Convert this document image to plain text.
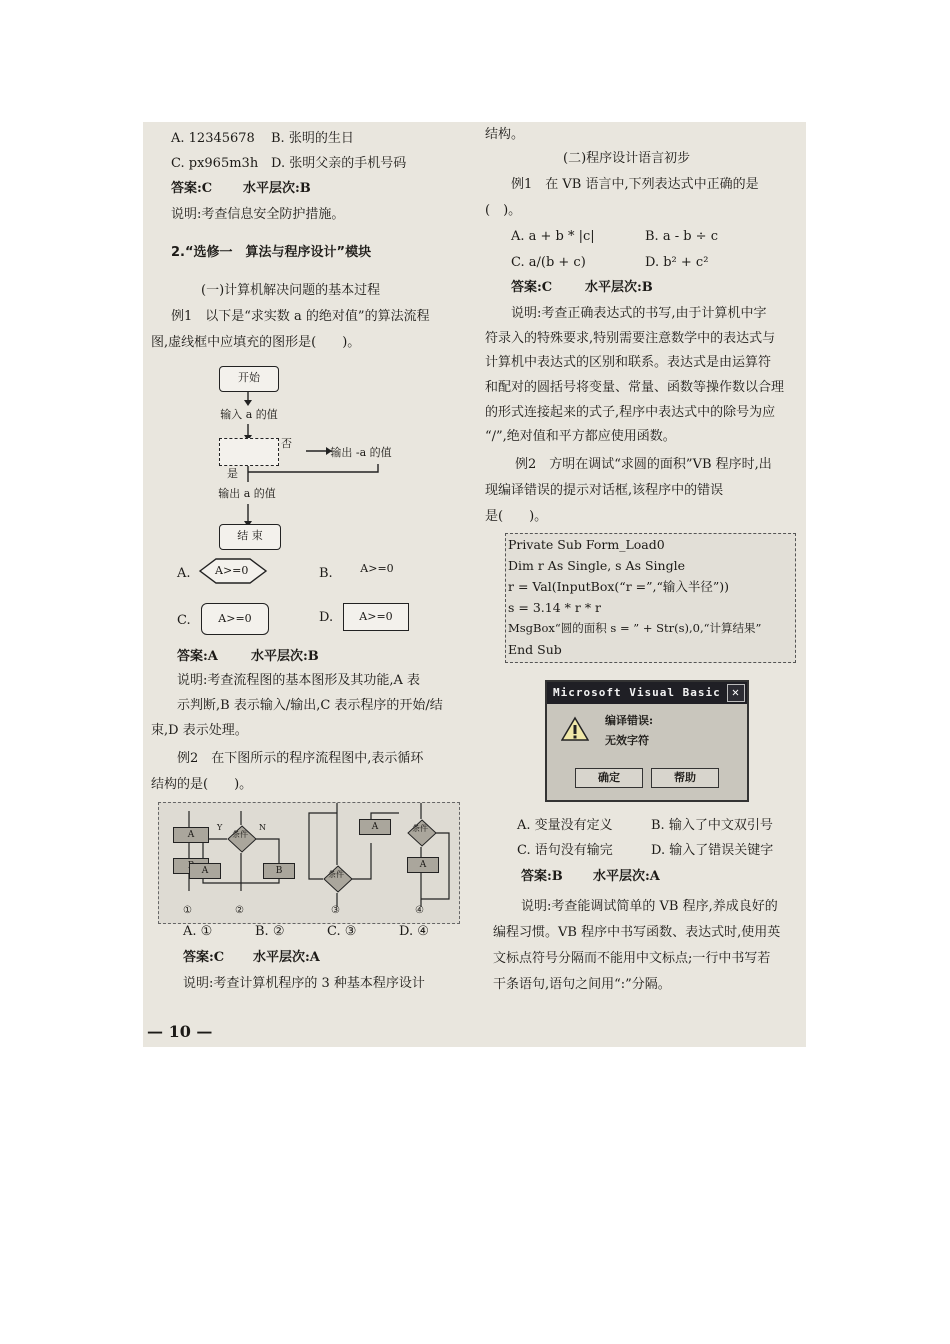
A. 12345678 B. 张明的生日
C. px965m3h D. 张明父亲的手机号码
答案:C 水平层次:B
说明:考查信息安全防护措施。
2.“选修一　算法与程序设计”模块
(一)计算机解决问题的基本过程
例1　以下是“求实数 a 的绝对值”的算法流程
图,虚线框中应填充的图形是(　　)。
开始
输入 a 的值
否
输出 -a 的值
是
输出 a 的值
结 束
A. A>=0	B.	A>=0
C.	A>=0	D.	A>=0
答案:A	水平层次:B
说明:考查流程图的基本图形及其功能,A 表
示判断,B 表示输入/输出,C 表示程序的开始/结
束,D 表示处理。
例2　在下图所示的程序流程图中,表示循环
结构的是(　　)。
A	条件
Y	N
A	B
A
条件
条件
A
①	②	③	④
A. ①	B. ②	C. ③	D. ④
答案:C 水平层次:A
说明:考查计算机程序的 3 种基本程序设计
— 10 —
结构。
(二)程序设计语言初步
例1　在 VB 语言中,下列表达式中正确的是
(　)。
A. a + b * |c|	B. a - b ÷ c
C. a/(b + c)	D. b² + c²
答案:C	水平层次:B
说明:考查正确表达式的书写,由于计算机中字
符录入的特殊要求,特别需要注意数学中的表达式与
计算机中表达式的区别和联系。表达式是由运算符
和配对的圆括号将变量、常量、函数等操作数以合理
的形式连接起来的式子,程序中表达式中的除号为应
“/”,绝对值和平方都应使用函数。
例2　方明在调试“求圆的面积”VB 程序时,出
现编译错误的提示对话框,该程序中的错误
是(　　)。
Private Sub Form_Load0
Dim r As Single, s As Single
r = Val(InputBox(“r =”,“输入半径”))
s = 3.14 * r * r
MsgBox“圆的面积 s = ” + Str(s),0,“计算结果”
End Sub
Microsoft Visual Basic ✕
编译错误:
无效字符
确定	帮助
A. 变量没有定义	B. 输入了中文双引号
C. 语句没有输完	D. 输入了错误关键字
答案:B 水平层次:A
说明:考查能调试简单的 VB 程序,养成良好的
编程习惯。VB 程序中书写函数、表达式时,使用英
文标点符号分隔而不能用中文标点;一行中书写若
干条语句,语句之间用“:”分隔。
